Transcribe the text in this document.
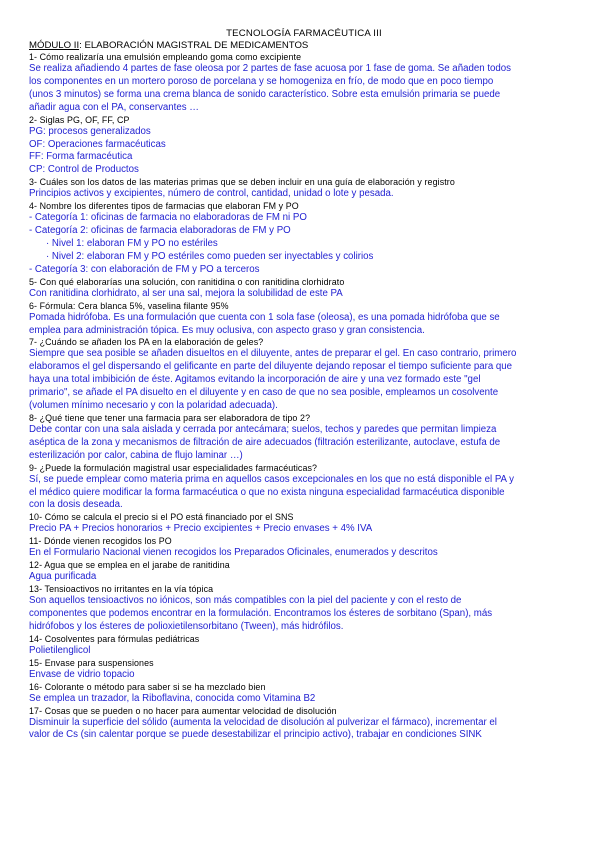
TECNOLOGÍA FARMACÉUTICA III
MÓDULO II: ELABORACIÓN MAGISTRAL DE MEDICAMENTOS
1- Cómo realizaría una emulsión empleando goma como excipiente
Se realiza añadiendo 4 partes de fase oleosa por 2 partes de fase acuosa por 1 fase de goma. Se añaden todos
los componentes en un mortero poroso de porcelana y se homogeniza en frío, de modo que en poco tiempo
(unos 3 minutos) se forma una crema blanca de sonido característico. Sobre esta emulsión primaria se puede
añadir agua con el PA, conservantes …
2- Siglas PG, OF, FF, CP
PG: procesos generalizados
OF: Operaciones farmacéuticas
FF: Forma farmacéutica
CP: Control de Productos
3- Cuáles son los datos de las materias primas que se deben incluir en una guía de elaboración y registro
Principios activos y excipientes, número de control, cantidad, unidad o lote y pesada.
4- Nombre los diferentes tipos de farmacias que elaboran FM y PO
- Categoría 1: oficinas de farmacia no elaboradoras de FM ni PO
- Categoría 2: oficinas de farmacia elaboradoras de FM y PO
· Nivel 1: elaboran FM y PO no estériles
· Nivel 2: elaboran FM y PO estériles como pueden ser inyectables y colirios
- Categoría 3: con elaboración de FM y PO a terceros
5- Con qué elaborarías una solución, con ranitidina o con ranitidina clorhidrato
Con ranitidina clorhidrato, al ser una sal, mejora la solubilidad de este PA
6- Fórmula: Cera blanca 5%, vaselina filante 95%
Pomada hidrófoba. Es una formulación que cuenta con 1 sola fase (oleosa), es una pomada hidrófoba que se
emplea para administración tópica. Es muy oclusiva, con aspecto graso y gran consistencia.
7- ¿Cuándo se añaden los PA en la elaboración de geles?
Siempre que sea posible se añaden disueltos en el diluyente, antes de preparar el gel. En caso contrario, primero
elaboramos el gel dispersando el gelificante en parte del diluyente dejando reposar el tiempo suficiente para que
haya una total imbibición de éste. Agitamos evitando la incorporación de aire y una vez formado este "gel
primario", se añade el PA disuelto en el diluyente y en caso de que no sea posible, empleamos un cosolvente
(volumen mínimo necesario y con la polaridad adecuada).
8- ¿Qué tiene que tener una farmacia para ser elaboradora de tipo 2?
Debe contar con una sala aislada y cerrada por antecámara; suelos, techos y paredes que permitan limpieza
aséptica de la zona y mecanismos de filtración de aire adecuados (filtración esterilizante, autoclave, estufa de
esterilización por calor, cabina de flujo laminar …)
9- ¿Puede la formulación magistral usar especialidades farmacéuticas?
Sí, se puede emplear como materia prima en aquellos casos excepcionales en los que no está disponible el PA y
el médico quiere modificar la forma farmacéutica o que no exista ninguna especialidad farmacéutica disponible
con la dosis deseada.
10- Cómo se calcula el precio si el PO está financiado por el SNS
Precio PA + Precios honorarios + Precio excipientes + Precio envases + 4% IVA
11- Dónde vienen recogidos los PO
En el Formulario Nacional vienen recogidos los Preparados Oficinales, enumerados y descritos
12- Agua que se emplea en el jarabe de ranitidina
Agua purificada
13- Tensioactivos no irritantes en la vía tópica
Son aquellos tensioactivos no iónicos, son más compatibles con la piel del paciente y con el resto de
componentes que podemos encontrar en la formulación. Encontramos los ésteres de sorbitano (Span), más
hidrófobos y los ésteres de polioxietilensorbitano (Tween), más hidrófilos.
14- Cosolventes para fórmulas pediátricas
Polietilenglicol
15- Envase para suspensiones
Envase de vidrio topacio
16- Colorante o método para saber si se ha mezclado bien
Se emplea un trazador, la Riboflavina, conocida como Vitamina B2
17- Cosas que se pueden o no hacer para aumentar velocidad de disolución
Disminuir la superficie del sólido (aumenta la velocidad de disolución al pulverizar el fármaco), incrementar el
valor de Cs (sin calentar porque se puede desestabilizar el principio activo), trabajar en condiciones SINK
